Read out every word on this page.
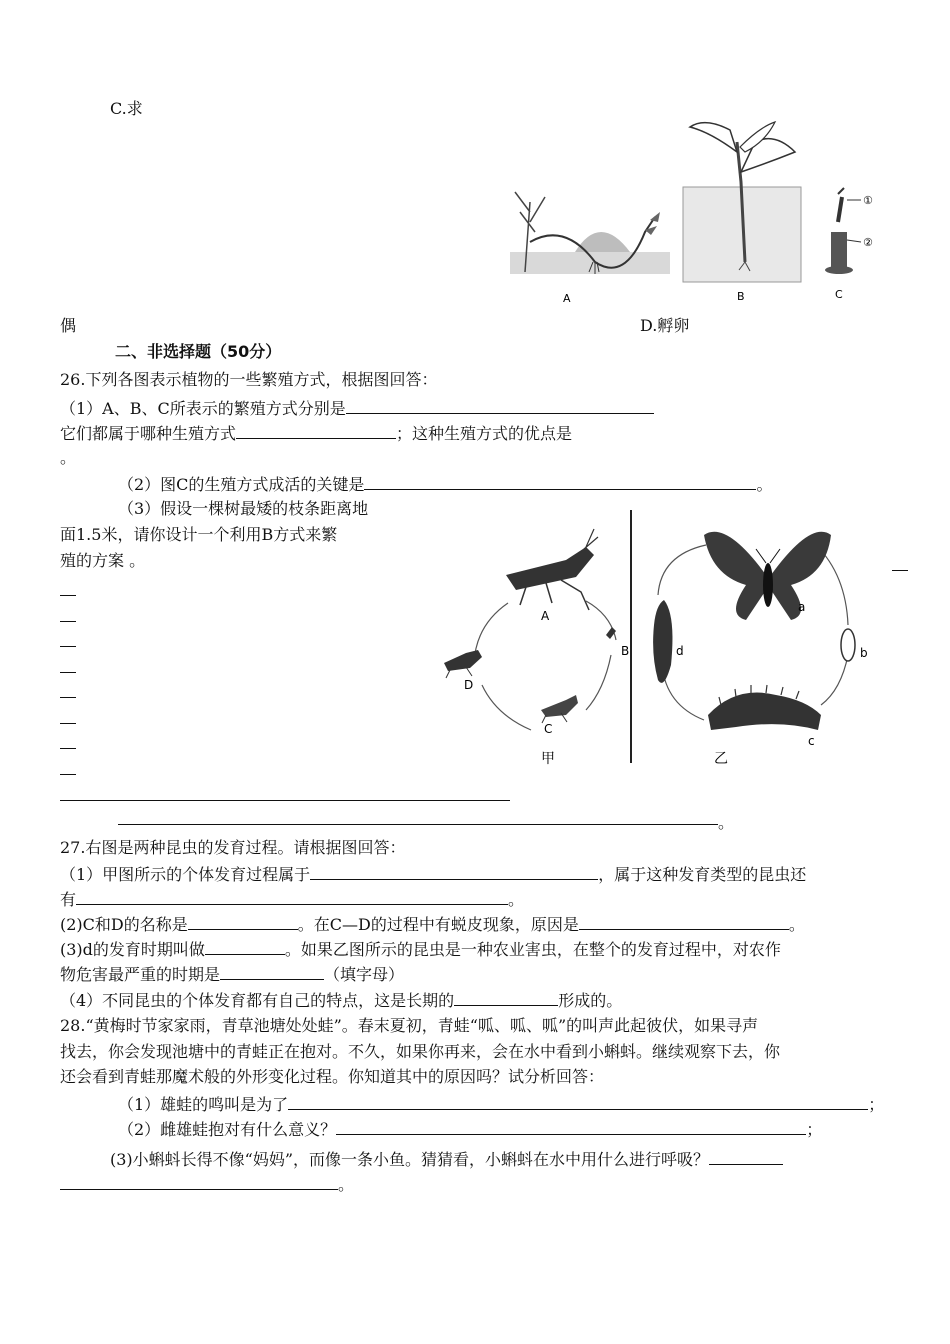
C.求
偶	D.孵卵
A	B
①
②
C
二、非选择题（50分）
26.下列各图表示植物的一些繁殖方式，根据图回答：
（1）A、B、C所表示的繁殖方式分别是
它们都属于哪种生殖方式	；这种生殖方式的优点是
。
（2）图C的生殖方式成活的关键是	。
（3）假设一棵树最矮的枝条距离地
面1.5米，请你设计一个利用B方式来繁
殖的方案 。
。
A
B
C
D
甲
a
b
c
d
乙
27.右图是两种昆虫的发育过程。请根据图回答：
（1）甲图所示的个体发育过程属于	，属于这种发育类型的昆虫还
有	。
(2)C和D的名称是	。在C—D的过程中有蜕皮现象，原因是	。
(3)d的发育时期叫做	。如果乙图所示的昆虫是一种农业害虫，在整个的发育过程中，对农作
物危害最严重的时期是	（填字母）
（4）不同昆虫的个体发育都有自己的特点，这是长期的	形成的。
28.“黄梅时节家家雨，青草池塘处处蛙”。春末夏初，青蛙“呱、呱、呱”的叫声此起彼伏，如果寻声
找去，你会发现池塘中的青蛙正在抱对。不久，如果你再来，会在水中看到小蝌蚪。继续观察下去，你
还会看到青蛙那魔术般的外形变化过程。你知道其中的原因吗？试分析回答：
（1）雄蛙的鸣叫是为了	；
（2）雌雄蛙抱对有什么意义？	；
(3)小蝌蚪长得不像“妈妈”，而像一条小鱼。猜猜看，小蝌蚪在水中用什么进行呼吸？
。
